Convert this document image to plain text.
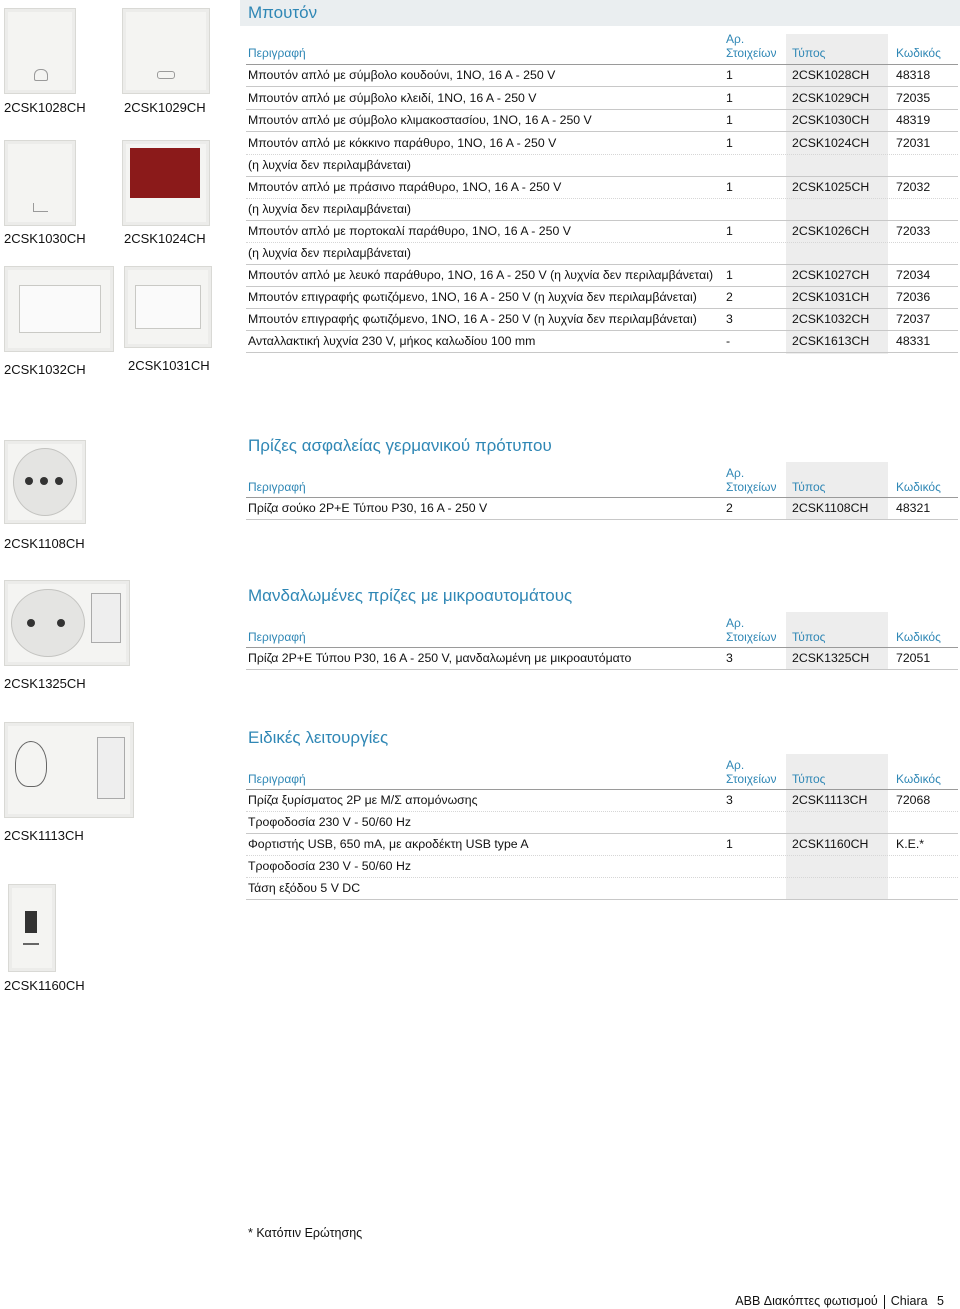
2CSK1028CH	2CSK1029CH
2CSK1030CH	2CSK1024CH
2CSK1032CH	2CSK1031CH
2CSK1108CH
2CSK1325CH
2CSK1113CH
2CSK1160CH
Μπουτόν
Περιγραφή
Αρ.
Στοιχείων Τύπος	Κωδικός
Μπουτόν απλό με σύμβολο κουδούνι, 1NO, 16 A - 250 V	1	2CSK1028CH 48318
Μπουτόν απλό με σύμβολο κλειδί, 1NO, 16 A - 250 V	1	2CSK1029CH 72035
Μπουτόν απλό με σύμβολο κλιμακοστασίου, 1NO, 16 A - 250 V	1	2CSK1030CH 48319
Μπουτόν απλό με κόκκινο παράθυρο, 1NO, 16 A - 250 V	1	2CSK1024CH 72031
(η λυχνία δεν περιλαμβάνεται)
Μπουτόν απλό με πράσινο παράθυρο, 1NO, 16 A - 250 V	1	2CSK1025CH 72032
(η λυχνία δεν περιλαμβάνεται)
Μπουτόν απλό με πορτοκαλί παράθυρο, 1NO, 16 A - 250 V	1	2CSK1026CH 72033
(η λυχνία δεν περιλαμβάνεται)
Μπουτόν απλό με λευκό παράθυρο, 1NO, 16 A - 250 V (η λυχνία δεν περιλαμβάνεται) 1	2CSK1027CH 72034
Μπουτόν επιγραφής φωτιζόμενο, 1NO, 16 A - 250 V (η λυχνία δεν περιλαμβάνεται) 2	2CSK1031CH 72036
Μπουτόν επιγραφής φωτιζόμενο, 1NO, 16 A - 250 V (η λυχνία δεν περιλαμβάνεται) 3	2CSK1032CH 72037
Ανταλλακτική λυχνία 230 V, μήκος καλωδίου 100 mm	-	2CSK1613CH 48331
Πρίζες ασφαλείας γερμανικού πρότυπου
Περιγραφή
Αρ.
Στοιχείων Τύπος	Κωδικός
Πρίζα σούκο 2P+E Τύπου P30, 16 A - 250 V	2	2CSK1108CH 48321
Μανδαλωμένες πρίζες με μικροαυτομάτους
Περιγραφή
Αρ.
Στοιχείων Τύπος	Κωδικός
Πρίζα 2P+E Τύπου P30, 16 A - 250 V, μανδαλωμένη με μικροαυτόματο	3	2CSK1325CH 72051
Ειδικές λειτουργίες
Περιγραφή
Αρ.
Στοιχείων Τύπος	Κωδικός
Πρίζα ξυρίσματος 2P με Μ/Σ απομόνωσης	3	2CSK1113CH 72068
Τροφοδοσία 230 V - 50/60 Hz
Φορτιστής USB, 650 mA, με ακροδέκτη USB type A	1	2CSK1160CH Κ.Ε.*
Τροφοδοσία 230 V - 50/60 Hz
Τάση εξόδου 5 V DC
* Κατόπιν Ερώτησης
ABB Διακόπτες φωτισμού Chiara 5
